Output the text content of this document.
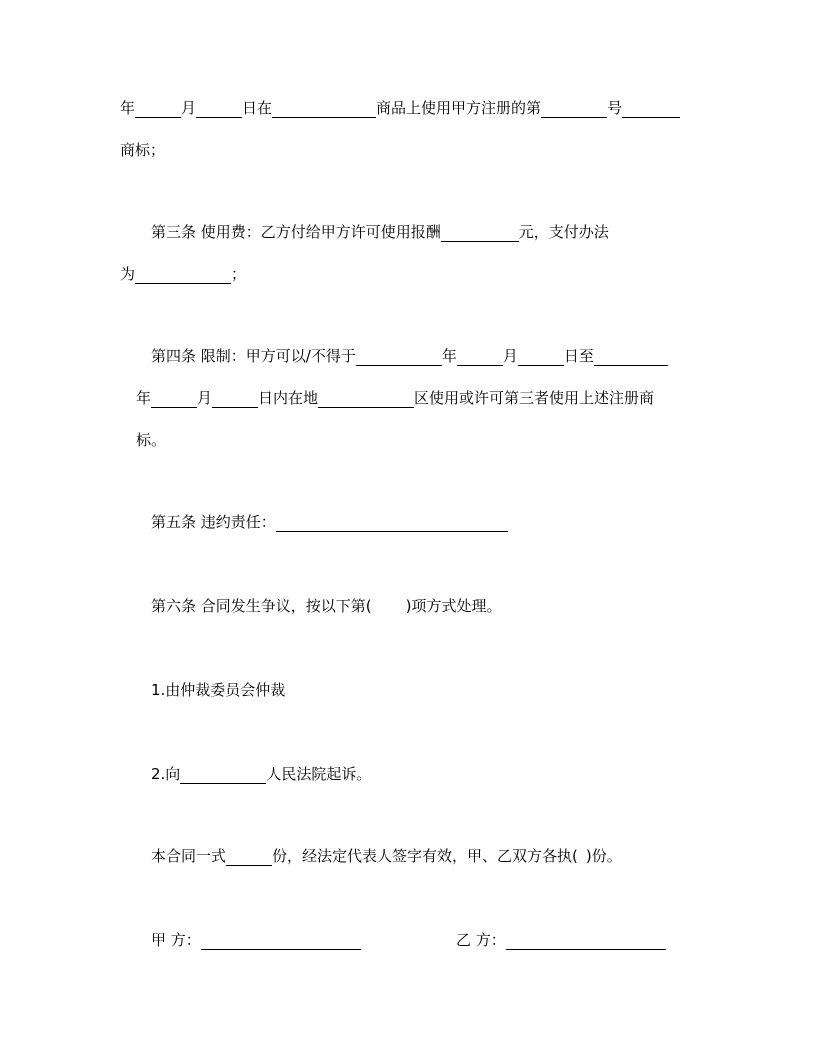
年	月	日在	商品上使用甲方注册的第	号
商标；
第三条 使用费：乙方付给甲方许可使用报酬	元，支付办法
为	；
第四条 限制：甲方可以/不得于	年	月	日至
年	月	日内在地	区使用或许可第三者使用上述注册商
标。
第五条 违约责任：
第六条 合同发生争议，按以下第( )项方式处理。
1.由仲裁委员会仲裁
2.向	人民法院起诉。
本合同一式	份，经法定代表人签字有效，甲、乙双方各执( )份。
甲 方：	乙 方：
